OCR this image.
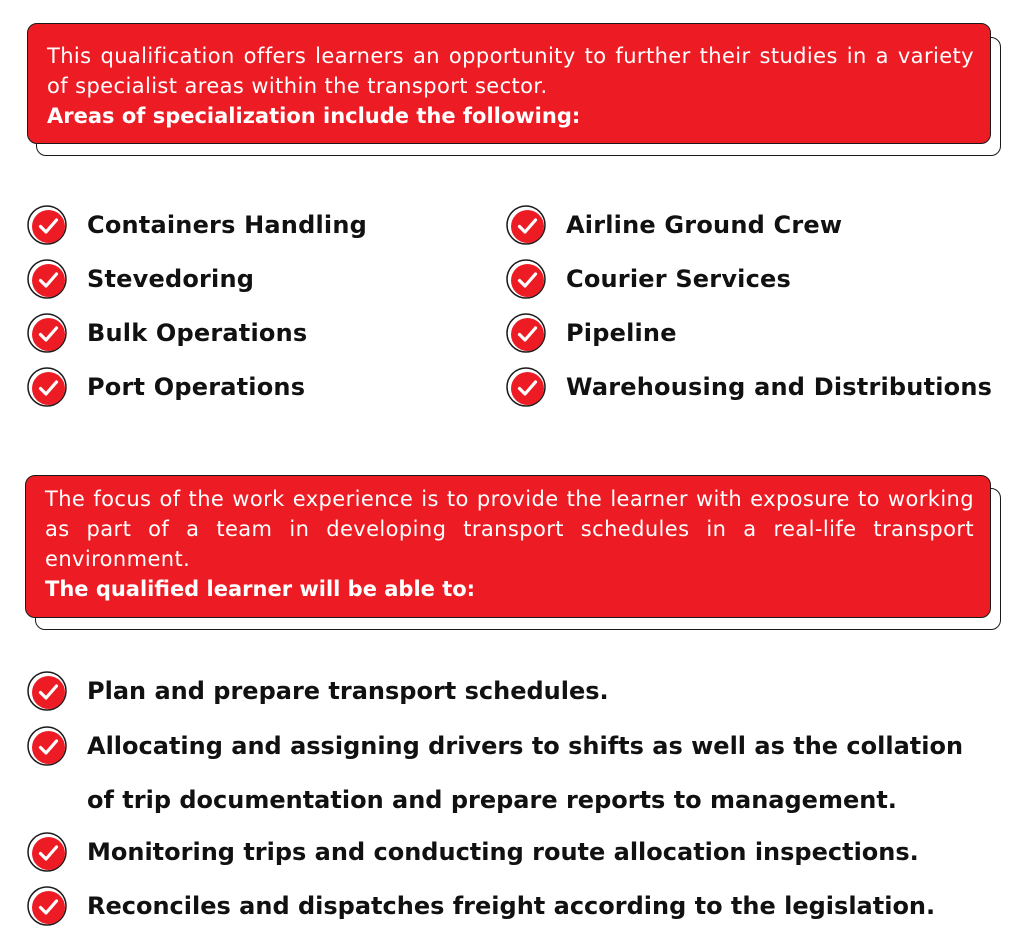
This qualification offers learners an opportunity to further their studies in a variety of specialist areas within the transport sector.

Areas of specialization include the following:

Containers Handling
Stevedoring
Bulk Operations
Port Operations
Airline Ground Crew
Courier Services
Pipeline
Warehousing and Distributions

The focus of the work experience is to provide the learner with exposure to working as part of a team in developing transport schedules in a real-life transport environment.

The qualified learner will be able to:

Plan and prepare transport schedules.
Allocating and assigning drivers to shifts as well as the collation of trip documentation and prepare reports to management.
Monitoring trips and conducting route allocation inspections.
Reconciles and dispatches freight according to the legislation.
